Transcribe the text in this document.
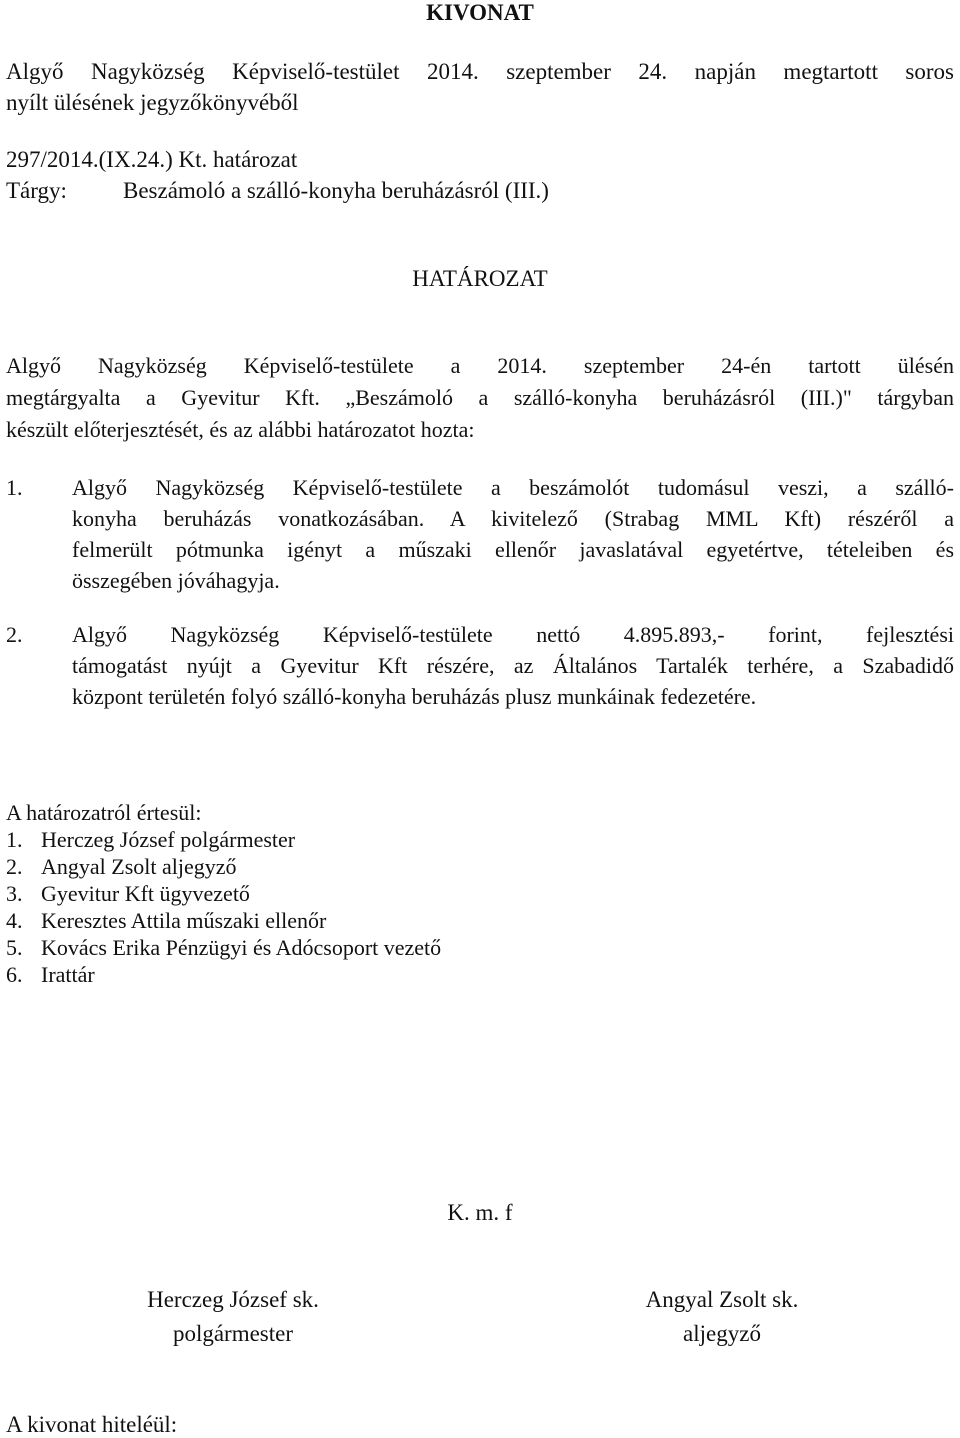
KIVONAT
Algyő Nagyközség Képviselő-testület 2014. szeptember 24. napján megtartott soros
nyílt ülésének jegyzőkönyvéből
297/2014.(IX.24.) Kt. határozat
Tárgy: Beszámoló a szálló-konyha beruházásról (III.)
HATÁROZAT
Algyő Nagyközség Képviselő-testülete a 2014. szeptember 24-én tartott ülésén
megtárgyalta a Gyevitur Kft. „Beszámoló a szálló-konyha beruházásról (III.)" tárgyban
készült előterjesztését, és az alábbi határozatot hozta:
1. Algyő Nagyközség Képviselő-testülete a beszámolót tudomásul veszi, a szálló-
konyha beruházás vonatkozásában. A kivitelező (Strabag MML Kft) részéről a
felmerült pótmunka igényt a műszaki ellenőr javaslatával egyetértve, tételeiben és
összegében jóváhagyja.
2. Algyő Nagyközség Képviselő-testülete nettó 4.895.893,- forint, fejlesztési
támogatást nyújt a Gyevitur Kft részére, az Általános Tartalék terhére, a Szabadidő
központ területén folyó szálló-konyha beruházás plusz munkáinak fedezetére.
A határozatról értesül:
1. Herczeg József polgármester
2. Angyal Zsolt aljegyző
3. Gyevitur Kft ügyvezető
4. Keresztes Attila műszaki ellenőr
5. Kovács Erika Pénzügyi és Adócsoport vezető
6. Irattár
K. m. f
Herczeg József sk.
polgármester
Angyal Zsolt sk.
aljegyző
A kivonat hiteléül:
